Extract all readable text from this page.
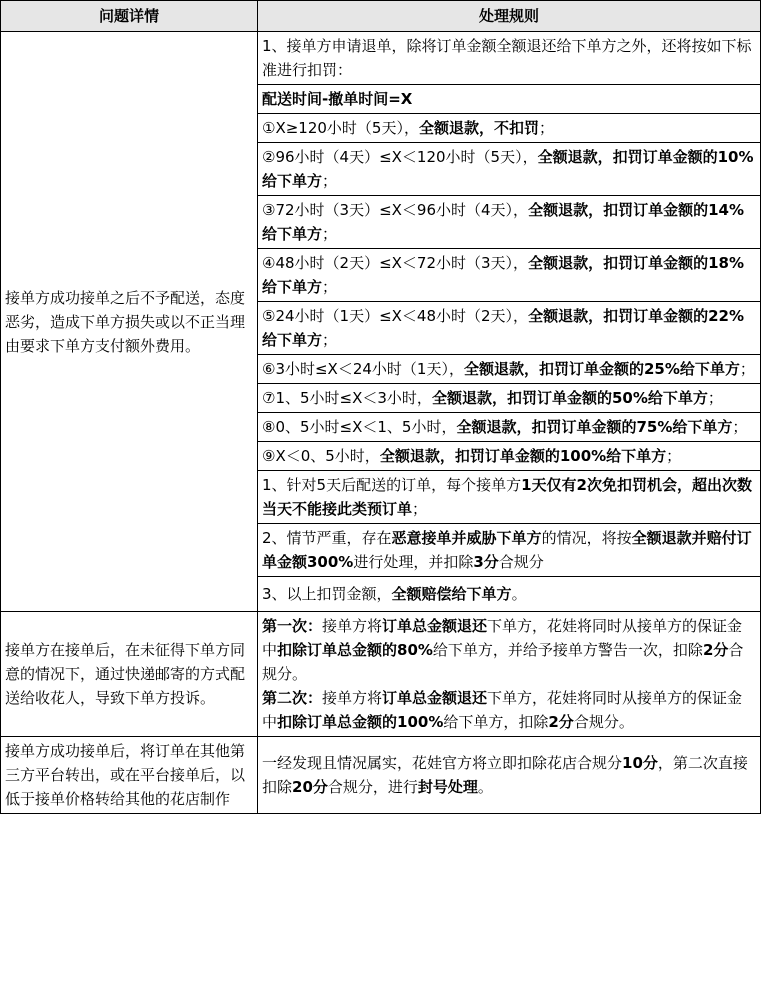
问题详情	处理规则
接单方成功接单之后不予配送，态度恶劣，造成下单方损失或以不正当理由要求下单方支付额外费用。	1、接单方申请退单，除将订单金额全额退还给下单方之外，还将按如下标准进行扣罚：
	配送时间-撤单时间=X
	①X≥120小时（5天），全额退款，不扣罚；
	②96小时（4天）≤X＜120小时（5天），全额退款，扣罚订单金额的10%给下单方；
	③72小时（3天）≤X＜96小时（4天），全额退款，扣罚订单金额的14%给下单方；
	④48小时（2天）≤X＜72小时（3天），全额退款，扣罚订单金额的18%给下单方；
	⑤24小时（1天）≤X＜48小时（2天），全额退款，扣罚订单金额的22%给下单方；
	⑥3小时≤X＜24小时（1天），全额退款，扣罚订单金额的25%给下单方；
	⑦1、5小时≤X＜3小时，全额退款，扣罚订单金额的50%给下单方；
	⑧0、5小时≤X＜1、5小时，全额退款，扣罚订单金额的75%给下单方；
	⑨X＜0、5小时，全额退款，扣罚订单金额的100%给下单方；
	1、针对5天后配送的订单，每个接单方1天仅有2次免扣罚机会，超出次数当天不能接此类预订单；
	2、情节严重，存在恶意接单并威胁下单方的情况，将按全额退款并赔付订单金额300%进行处理，并扣除3分合规分
	3、以上扣罚金额，全额赔偿给下单方。
接单方在接单后，在未征得下单方同意的情况下，通过快递邮寄的方式配送给收花人，导致下单方投诉。	第一次：接单方将订单总金额退还下单方，花娃将同时从接单方的保证金中扣除订单总金额的80%给下单方，并给予接单方警告一次，扣除2分合规分。
第二次：接单方将订单总金额退还下单方，花娃将同时从接单方的保证金中扣除订单总金额的100%给下单方，扣除2分合规分。

接单方成功接单后，将订单在其他第三方平台转出，或在平台接单后，以低于接单价格转给其他的花店制作	一经发现且情况属实，花娃官方将立即扣除花店合规分10分，第二次直接扣除20分合规分，进行封号处理。
